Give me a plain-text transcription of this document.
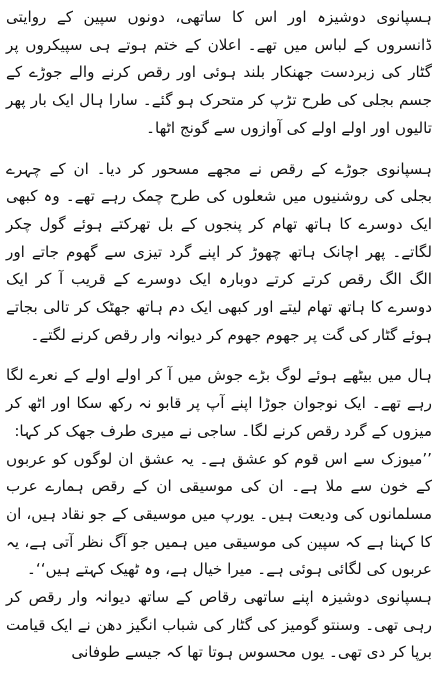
ہسپانوی دوشیزہ اور اس کا ساتھی، دونوں سپین کے روایتی ڈانسروں کے لباس میں تھے۔ اعلان کے ختم ہوتے ہی سپیکروں پر گٹار کی زبردست جھنکار بلند ہوئی اور رقص کرنے والے جوڑے کے جسم بجلی کی طرح تڑپ کر متحرک ہو گئے۔ سارا ہال ایک بار پھر تالیوں اور اولے اولے کی آوازوں سے گونج اٹھا۔

ہسپانوی جوڑے کے رقص نے مجھے مسحور کر دیا۔ ان کے چہرے بجلی کی روشنیوں میں شعلوں کی طرح چمک رہے تھے۔ وہ کبھی ایک دوسرے کا ہاتھ تھام کر پنجوں کے بل تھرکتے ہوئے گول چکر لگاتے۔ پھر اچانک ہاتھ چھوڑ کر اپنے گرد تیزی سے گھوم جاتے اور الگ الگ رقص کرتے کرتے دوبارہ ایک دوسرے کے قریب آ کر ایک دوسرے کا ہاتھ تھام لیتے اور کبھی ایک دم ہاتھ جھٹک کر تالی بجاتے ہوئے گٹار کی گت پر جھوم جھوم کر دیوانہ وار رقص کرنے لگتے۔

ہال میں بیٹھے ہوئے لوگ بڑے جوش میں آ کر اولے اولے کے نعرے لگا رہے تھے۔ ایک نوجوان جوڑا اپنے آپ پر قابو نہ رکھ سکا اور اٹھ کر میزوں کے گرد رقص کرنے لگا۔ ساجی نے میری طرف جھک کر کہا:

’’میوزک سے اس قوم کو عشق ہے۔ یہ عشق ان لوگوں کو عربوں کے خون سے ملا ہے۔ ان کی موسیقی ان کے رقص ہمارے عرب مسلمانوں کی ودیعت ہیں۔ یورپ میں موسیقی کے جو نقاد ہیں، ان کا کہنا ہے کہ سپین کی موسیقی میں ہمیں جو آگ نظر آتی ہے، یہ عربوں کی لگائی ہوئی ہے۔ میرا خیال ہے، وہ ٹھیک کہتے ہیں‘‘۔

ہسپانوی دوشیزہ اپنے ساتھی رقاص کے ساتھ دیوانہ وار رقص کر رہی تھی۔ وسنتو گومیز کی گٹار کی شباب انگیز دھن نے ایک قیامت برپا کر دی تھی۔ یوں محسوس ہوتا تھا کہ جیسے طوفانی
